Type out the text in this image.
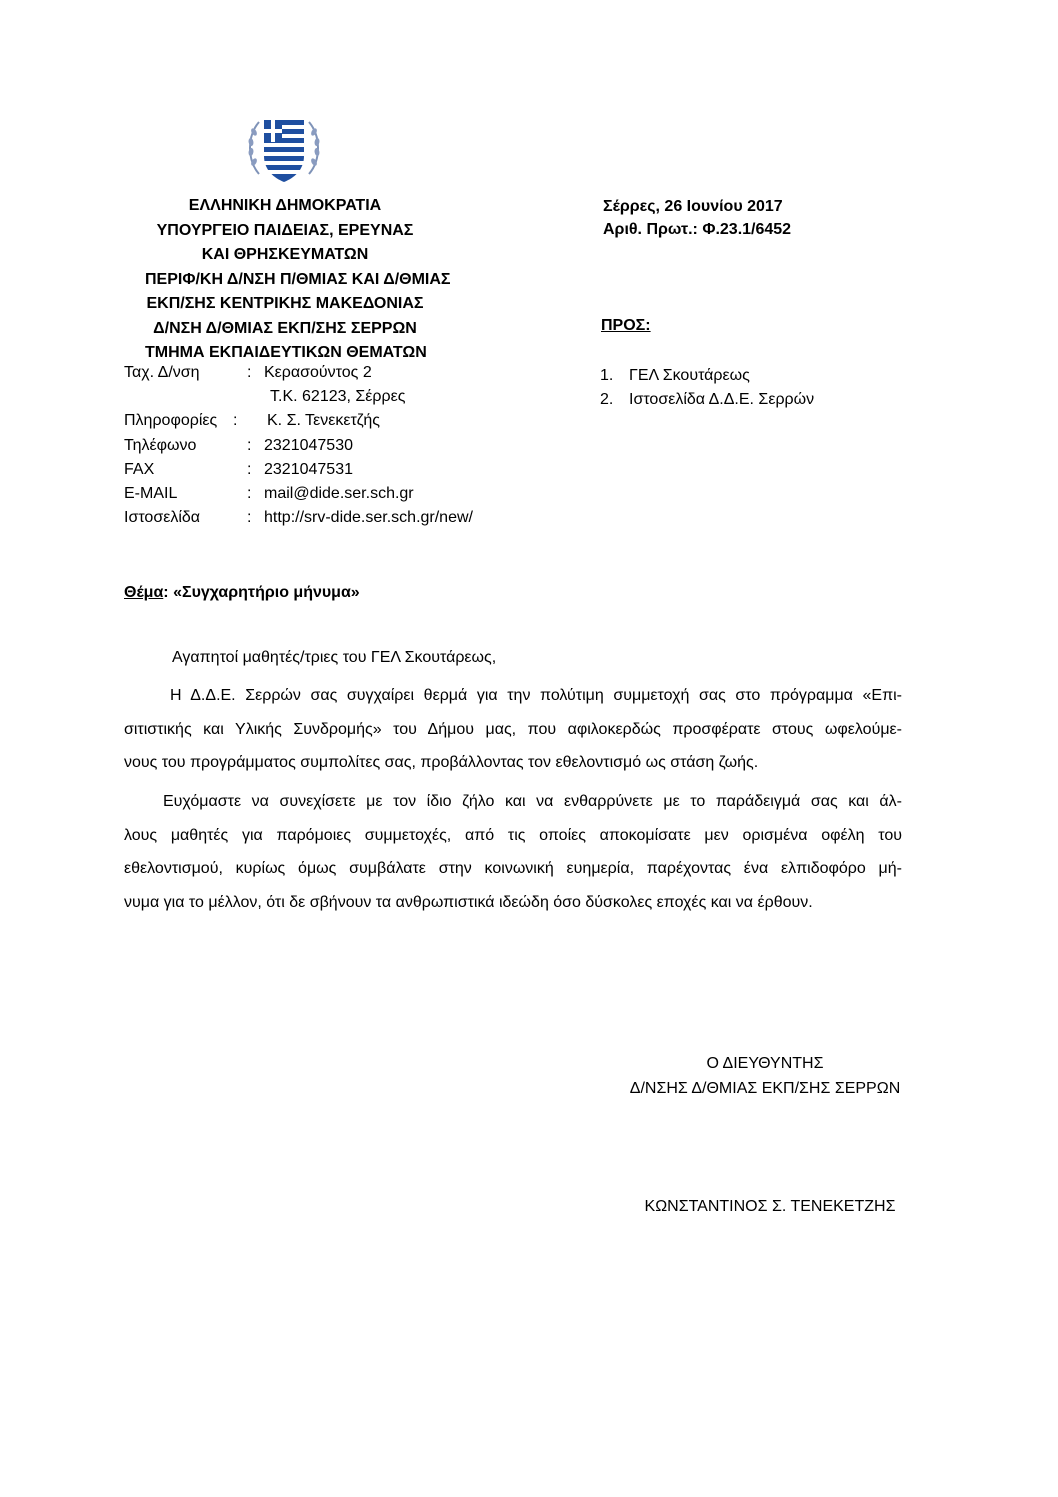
ΕΛΛΗΝΙΚΗ ΔΗΜΟΚΡΑΤΙΑ
ΥΠΟΥΡΓΕΙΟ ΠΑΙΔΕΙΑΣ, ΕΡΕΥΝΑΣ
ΚΑΙ ΘΡΗΣΚΕΥΜΑΤΩΝ
ΠΕΡΙΦ/ΚΗ Δ/ΝΣΗ Π/ΘΜΙΑΣ ΚΑΙ Δ/ΘΜΙΑΣ
ΕΚΠ/ΣΗΣ ΚΕΝΤΡΙΚΗΣ ΜΑΚΕΔΟΝΙΑΣ
Δ/ΝΣΗ Δ/ΘΜΙΑΣ ΕΚΠ/ΣΗΣ ΣΕΡΡΩΝ
ΤΜΗΜΑ ΕΚΠΑΙΔΕΥΤΙΚΩΝ ΘΕΜΑΤΩΝ
Ταχ. Δ/νση	: Κερασούντος 2
Τ.Κ. 62123, Σέρρες
Πληροφορίες : Κ. Σ. Τενεκετζής
Τηλέφωνο	: 2321047530
FAX	: 2321047531
E-MAIL	: mail@dide.ser.sch.gr
Ιστοσελίδα	: http://srv-dide.ser.sch.gr/new/
Σέρρες, 26 Ιουνίου 2017
Αριθ. Πρωτ.: Φ.23.1/6452
ΠΡΟΣ:
1. ΓΕΛ Σκουτάρεως
2. Ιστοσελίδα Δ.Δ.Ε. Σερρών
Θέμα: «Συγχαρητήριο μήνυμα»
Αγαπητοί μαθητές/τριες του ΓΕΛ Σκουτάρεως,
Η Δ.Δ.Ε. Σερρών σας συγχαίρει θερμά για την πολύτιμη συμμετοχή σας στο πρόγραμμα «Επι-
σιτιστικής και Υλικής Συνδρομής» του Δήμου μας, που αφιλοκερδώς προσφέρατε στους ωφελούμε-
νους του προγράμματος συμπολίτες σας, προβάλλοντας τον εθελοντισμό ως στάση ζωής.
Ευχόμαστε να συνεχίσετε με τον ίδιο ζήλο και να ενθαρρύνετε με το παράδειγμά σας και άλ-
λους μαθητές για παρόμοιες συμμετοχές, από τις οποίες αποκομίσατε μεν ορισμένα οφέλη του
εθελοντισμού, κυρίως όμως συμβάλατε στην κοινωνική ευημερία, παρέχοντας ένα ελπιδοφόρο μή-
νυμα για το μέλλον, ότι δε σβήνουν τα ανθρωπιστικά ιδεώδη όσο δύσκολες εποχές και να έρθουν.
Ο ΔΙΕΥΘΥΝΤΗΣ
Δ/ΝΣΗΣ Δ/ΘΜΙΑΣ ΕΚΠ/ΣΗΣ ΣΕΡΡΩΝ
ΚΩΝΣΤΑΝΤΙΝΟΣ Σ. ΤΕΝΕΚΕΤΖΗΣ
